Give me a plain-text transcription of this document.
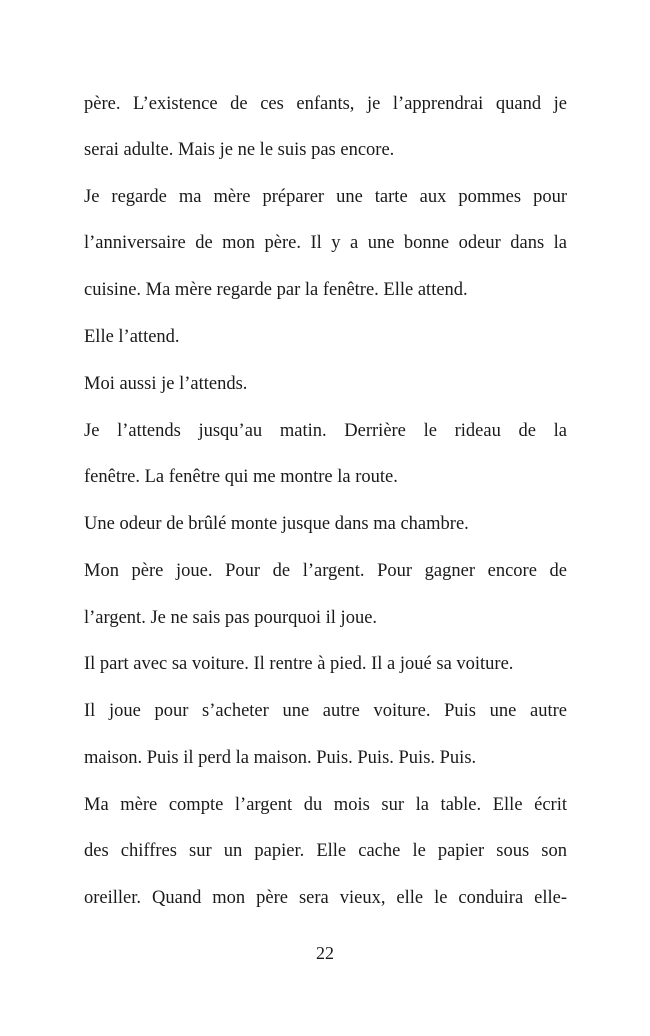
père. L’existence de ces enfants, je l’apprendrai quand je
serai adulte. Mais je ne le suis pas encore.
Je regarde ma mère préparer une tarte aux pommes pour
l’anniversaire de mon père. Il y a une bonne odeur dans la
cuisine. Ma mère regarde par la fenêtre. Elle attend.
Elle l’attend.
Moi aussi je l’attends.
Je l’attends jusqu’au matin. Derrière le rideau de la
fenêtre. La fenêtre qui me montre la route.
Une odeur de brûlé monte jusque dans ma chambre.
Mon père joue. Pour de l’argent. Pour gagner encore de
l’argent. Je ne sais pas pourquoi il joue.
Il part avec sa voiture. Il rentre à pied. Il a joué sa voiture.
Il joue pour s’acheter une autre voiture. Puis une autre
maison. Puis il perd la maison. Puis. Puis. Puis. Puis.
Ma mère compte l’argent du mois sur la table. Elle écrit
des chiffres sur un papier. Elle cache le papier sous son
oreiller. Quand mon père sera vieux, elle le conduira elle-
22
